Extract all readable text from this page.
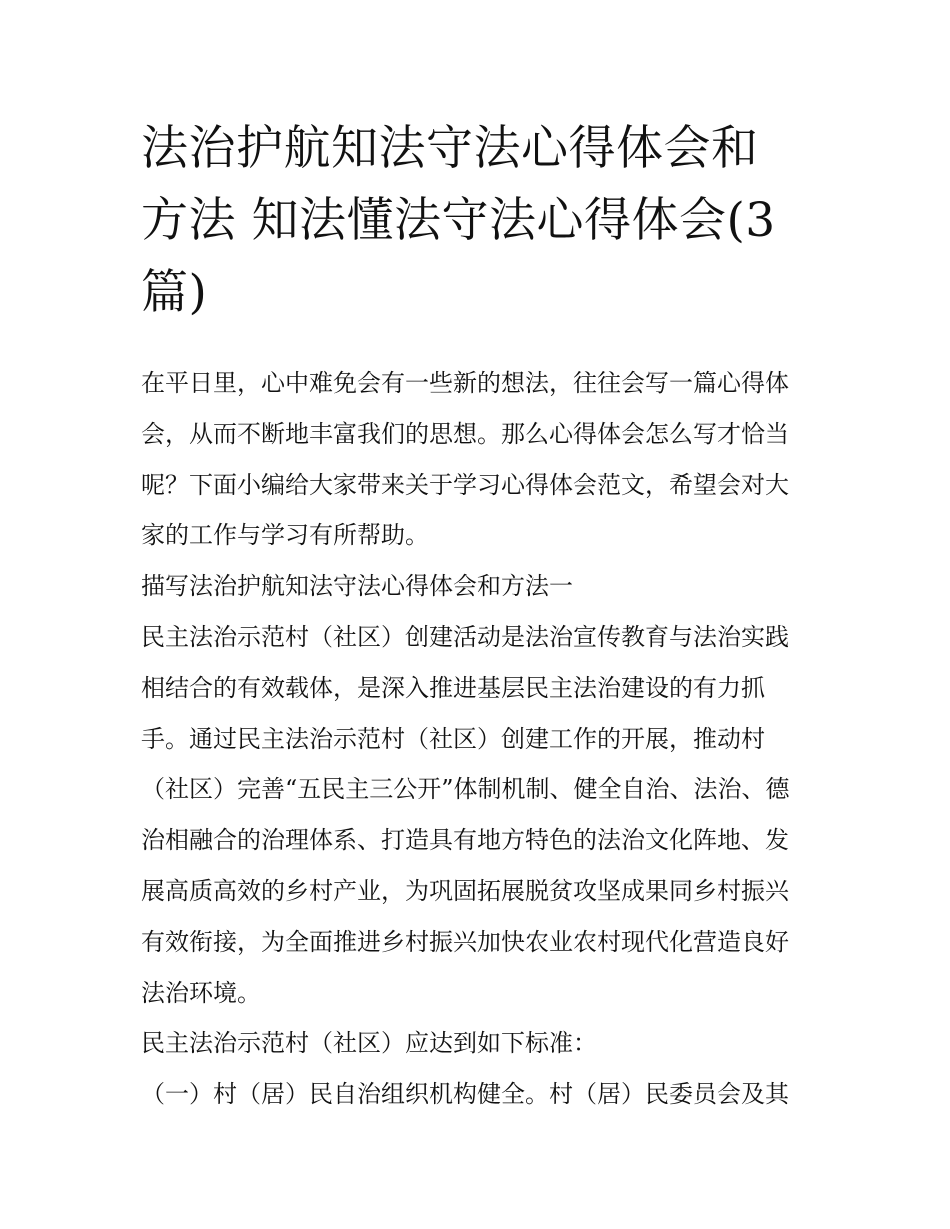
法治护航知法守法心得体会和
方法 知法懂法守法心得体会(3
篇)

在平日里，心中难免会有一些新的想法，往往会写一篇心得体
会，从而不断地丰富我们的思想。那么心得体会怎么写才恰当
呢？下面小编给大家带来关于学习心得体会范文，希望会对大
家的工作与学习有所帮助。

描写法治护航知法守法心得体会和方法一

民主法治示范村（社区）创建活动是法治宣传教育与法治实践
相结合的有效载体，是深入推进基层民主法治建设的有力抓
手。通过民主法治示范村（社区）创建工作的开展，推动村
（社区）完善“五民主三公开”体制机制、健全自治、法治、德
治相融合的治理体系、打造具有地方特色的法治文化阵地、发
展高质高效的乡村产业，为巩固拓展脱贫攻坚成果同乡村振兴
有效衔接，为全面推进乡村振兴加快农业农村现代化营造良好
法治环境。

民主法治示范村（社区）应达到如下标准：

（一）村（居）民自治组织机构健全。村（居）民委员会及其
